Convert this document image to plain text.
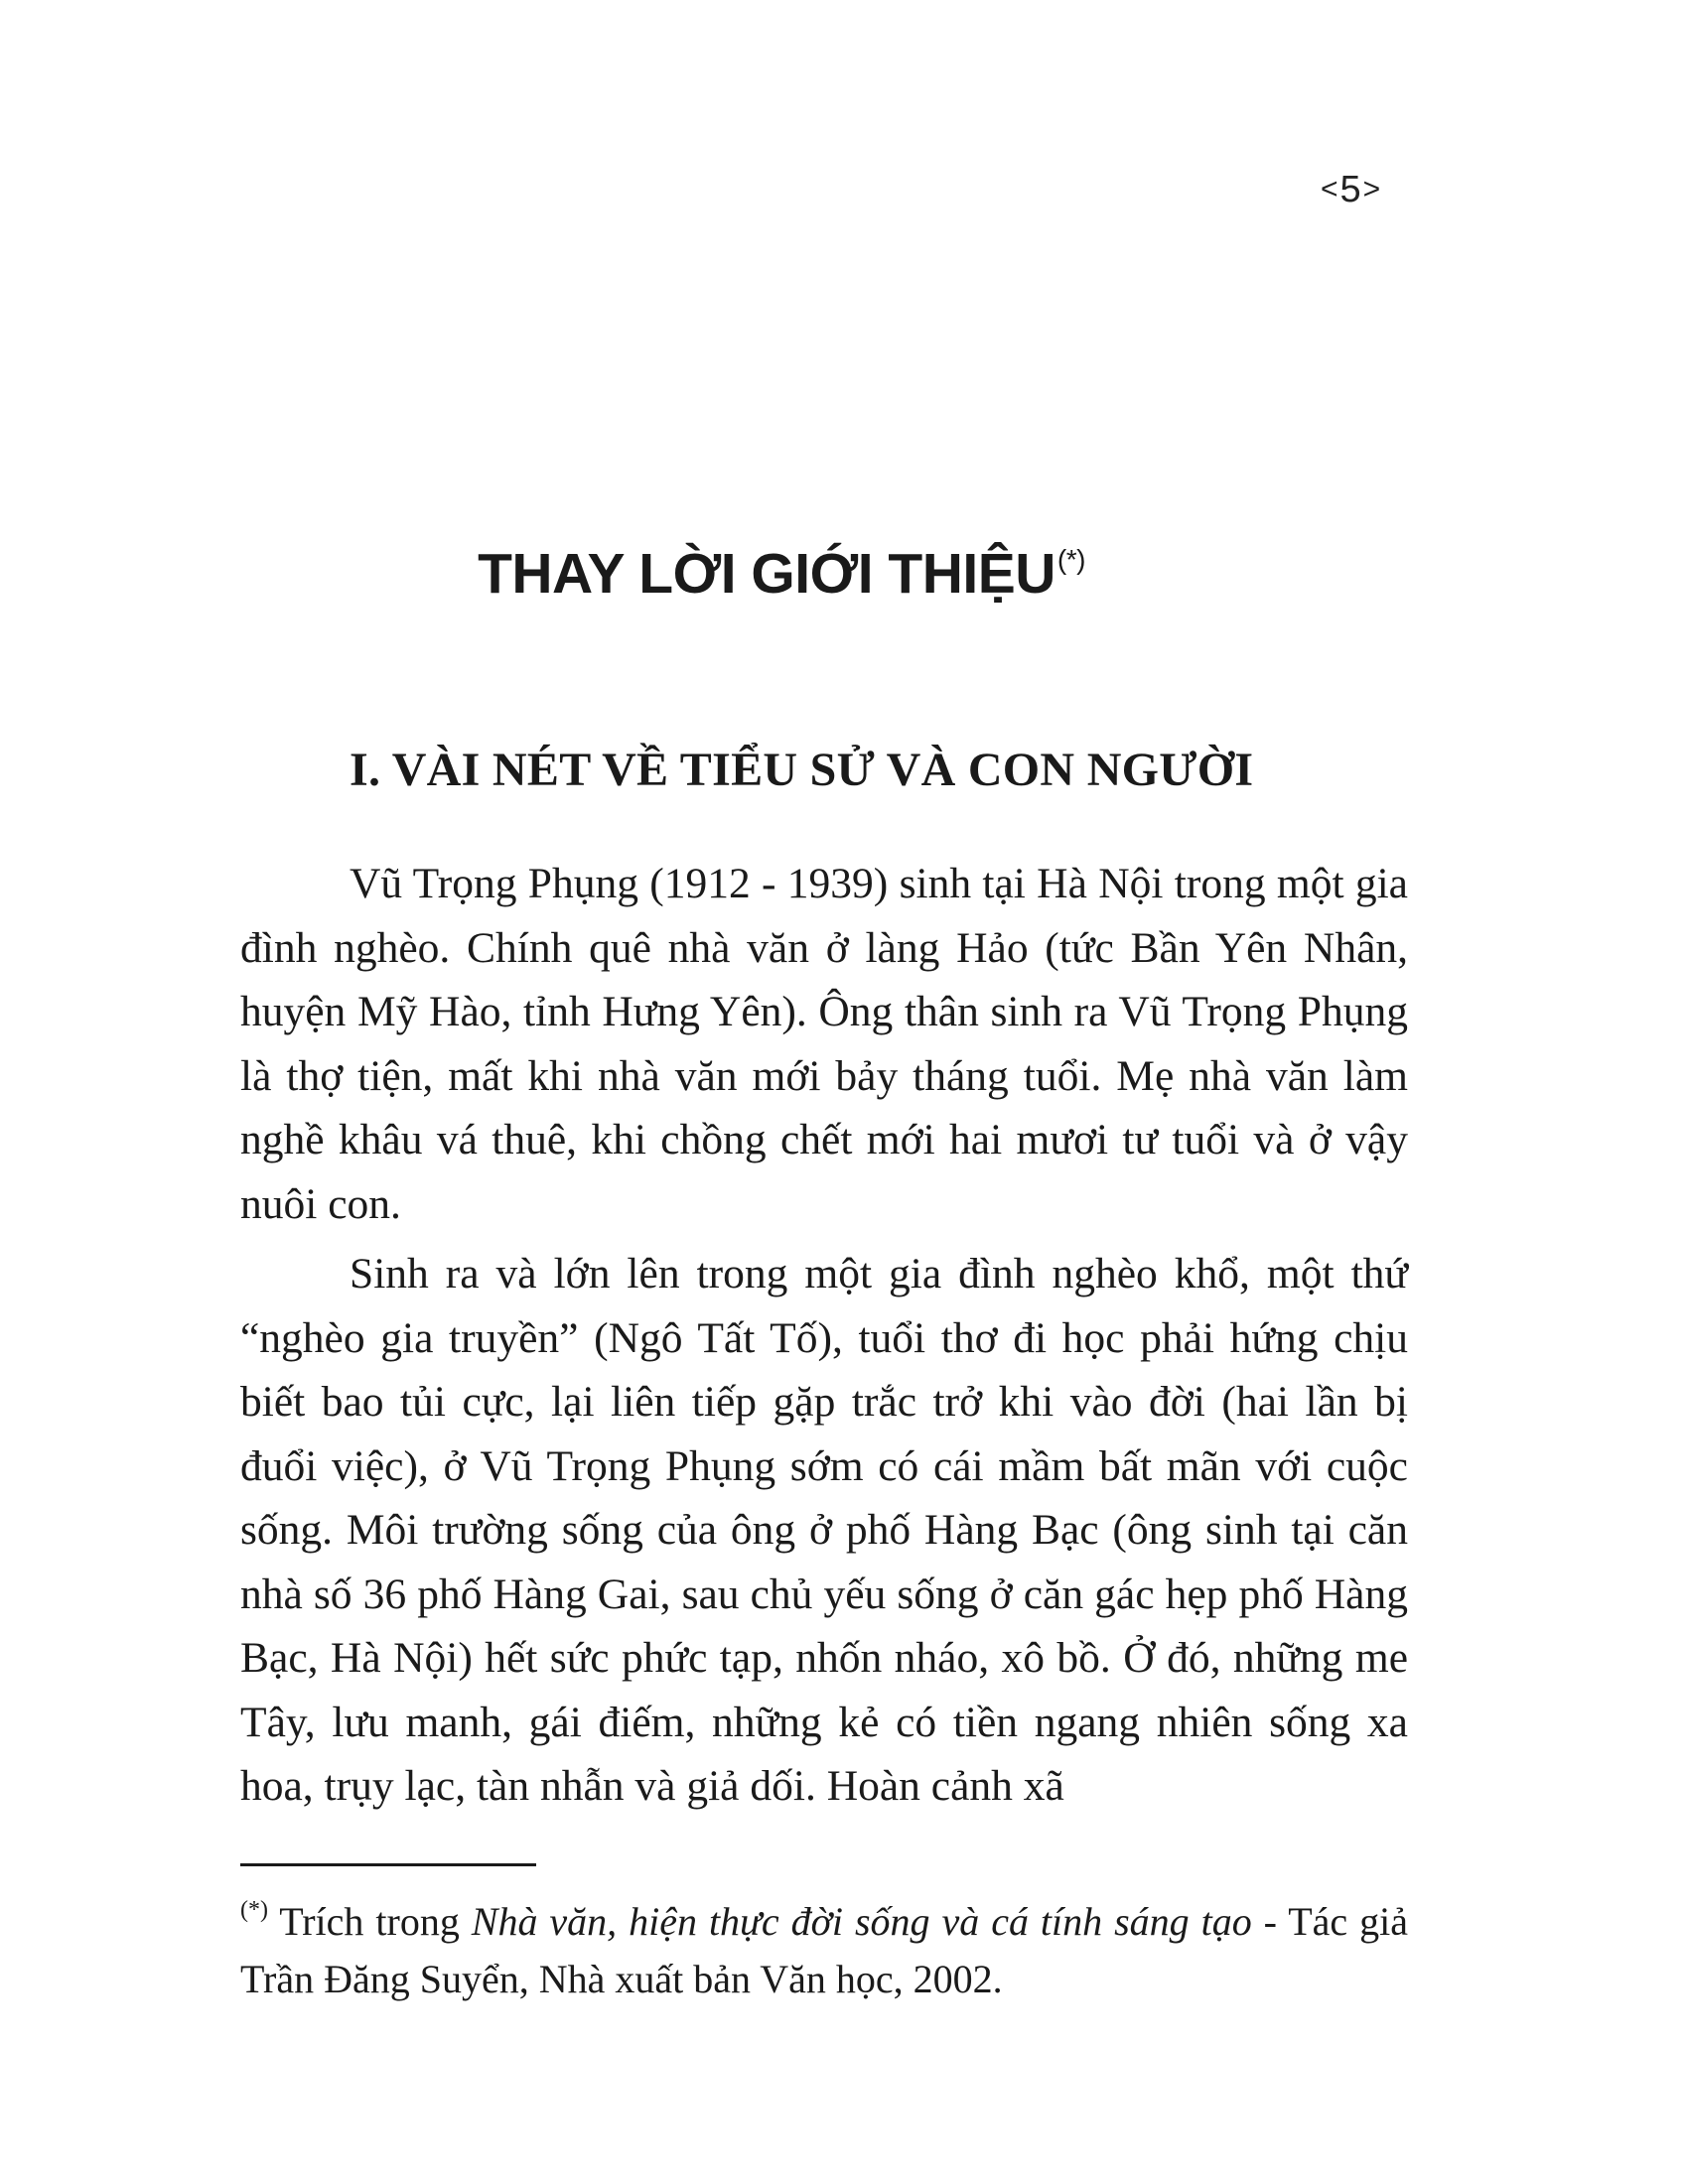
< 5 >
THAY LỜI GIỚI THIỆU(*)
I. VÀI NÉT VỀ TIỂU SỬ VÀ CON NGƯỜI

Vũ Trọng Phụng (1912 - 1939) sinh tại Hà Nội trong một gia đình nghèo. Chính quê nhà văn ở làng Hảo (tức Bần Yên Nhân, huyện Mỹ Hào, tỉnh Hưng Yên). Ông thân sinh ra Vũ Trọng Phụng là thợ tiện, mất khi nhà văn mới bảy tháng tuổi. Mẹ nhà văn làm nghề khâu vá thuê, khi chồng chết mới hai mươi tư tuổi và ở vậy nuôi con.

Sinh ra và lớn lên trong một gia đình nghèo khổ, một thứ “nghèo gia truyền” (Ngô Tất Tố), tuổi thơ đi học phải hứng chịu biết bao tủi cực, lại liên tiếp gặp trắc trở khi vào đời (hai lần bị đuổi việc), ở Vũ Trọng Phụng sớm có cái mầm bất mãn với cuộc sống. Môi trường sống của ông ở phố Hàng Bạc (ông sinh tại căn nhà số 36 phố Hàng Gai, sau chủ yếu sống ở căn gác hẹp phố Hàng Bạc, Hà Nội) hết sức phức tạp, nhốn nháo, xô bồ. Ở đó, những me Tây, lưu manh, gái điếm, những kẻ có tiền ngang nhiên sống xa hoa, trụy lạc, tàn nhẫn và giả dối. Hoàn cảnh xã

(*) Trích trong Nhà văn, hiện thực đời sống và cá tính sáng tạo - Tác giả Trần Đăng Suyển, Nhà xuất bản Văn học, 2002.
